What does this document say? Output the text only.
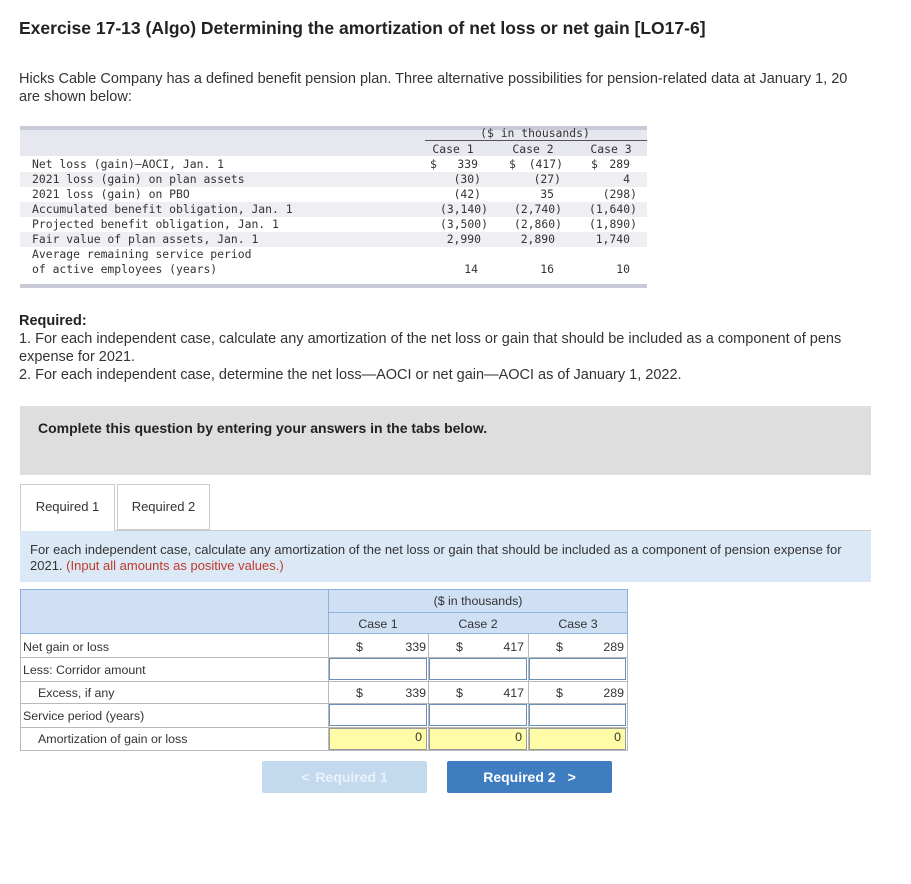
Exercise 17-13 (Algo) Determining the amortization of net loss or net gain [LO17-6]
Hicks Cable Company has a defined benefit pension plan. Three alternative possibilities for pension-related data at January 1, 20
are shown below:
($ in thousands)
Case 1	Case 2	Case 3
Net loss (gain)—AOCI, Jan. 1	$	339	$	(417) $	289
2021 loss (gain) on plan assets	(30)	(27)	4
2021 loss (gain) on PBO	(42)	35	(298)
Accumulated benefit obligation, Jan. 1	(3,140)	(2,740)	(1,640)
Projected benefit obligation, Jan. 1	(3,500)	(2,860)	(1,890)
Fair value of plan assets, Jan. 1	2,990	2,890	1,740
Average remaining service period
of active employees (years)	14	16	10
Required:
1. For each independent case, calculate any amortization of the net loss or gain that should be included as a component of pens
expense for 2021.
2. For each independent case, determine the net loss—AOCI or net gain—AOCI as of January 1, 2022.
Complete this question by entering your answers in the tabs below.
Required 1	Required 2
For each independent case, calculate any amortization of the net loss or gain that should be included as a component of pension expense for 2021. (Input all amounts as positive values.)
($ in thousands)
Case 1	Case 2	Case 3
Net gain or loss	$	339 $	417	$	289
Less: Corridor amount
Excess, if any	$	339 $	417	$	289
Service period (years)
Amortization of gain or loss	0	0	0
< Required 1	Required 2 >
